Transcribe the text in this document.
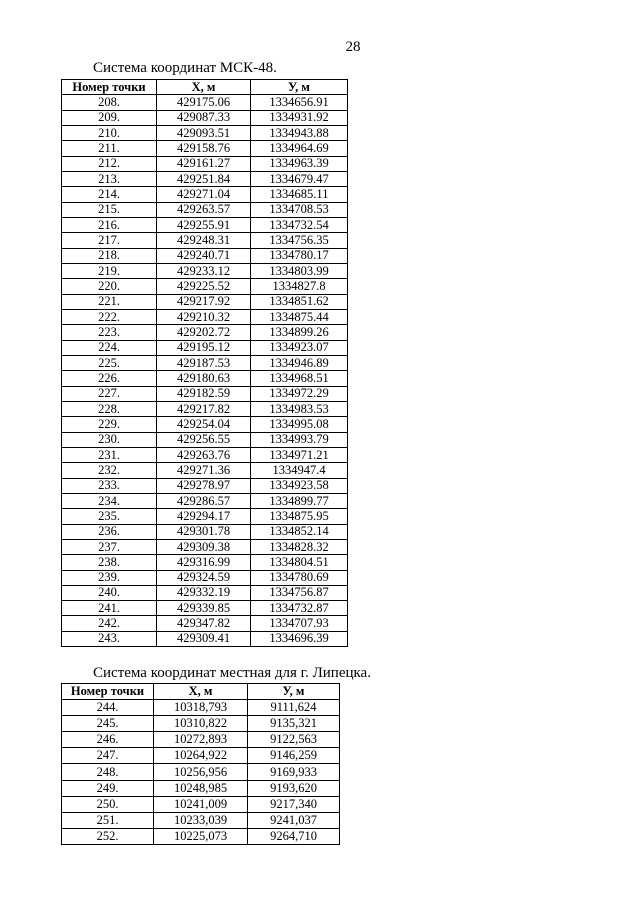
28
Система координат МСК-48.
Номер точки	X, м	У, м
208.	429175.06	1334656.91
209.	429087.33	1334931.92
210.	429093.51	1334943.88
211.	429158.76	1334964.69
212.	429161.27	1334963.39
213.	429251.84	1334679.47
214.	429271.04	1334685.11
215.	429263.57	1334708.53
216.	429255.91	1334732.54
217.	429248.31	1334756.35
218.	429240.71	1334780.17
219.	429233.12	1334803.99
220.	429225.52	1334827.8
221.	429217.92	1334851.62
222.	429210.32	1334875.44
223.	429202.72	1334899.26
224.	429195.12	1334923.07
225.	429187.53	1334946.89
226.	429180.63	1334968.51
227.	429182.59	1334972.29
228.	429217.82	1334983.53
229.	429254.04	1334995.08
230.	429256.55	1334993.79
231.	429263.76	1334971.21
232.	429271.36	1334947.4
233.	429278.97	1334923.58
234.	429286.57	1334899.77
235.	429294.17	1334875.95
236.	429301.78	1334852.14
237.	429309.38	1334828.32
238.	429316.99	1334804.51
239.	429324.59	1334780.69
240.	429332.19	1334756.87
241.	429339.85	1334732.87
242.	429347.82	1334707.93
243.	429309.41	1334696.39
Система координат местная для г. Липецка.
Номер точки	X, м	У, м
244.	10318,793	9111,624
245.	10310,822	9135,321
246.	10272,893	9122,563
247.	10264,922	9146,259
248.	10256,956	9169,933
249.	10248,985	9193,620
250.	10241,009	9217,340
251.	10233,039	9241,037
252.	10225,073	9264,710
